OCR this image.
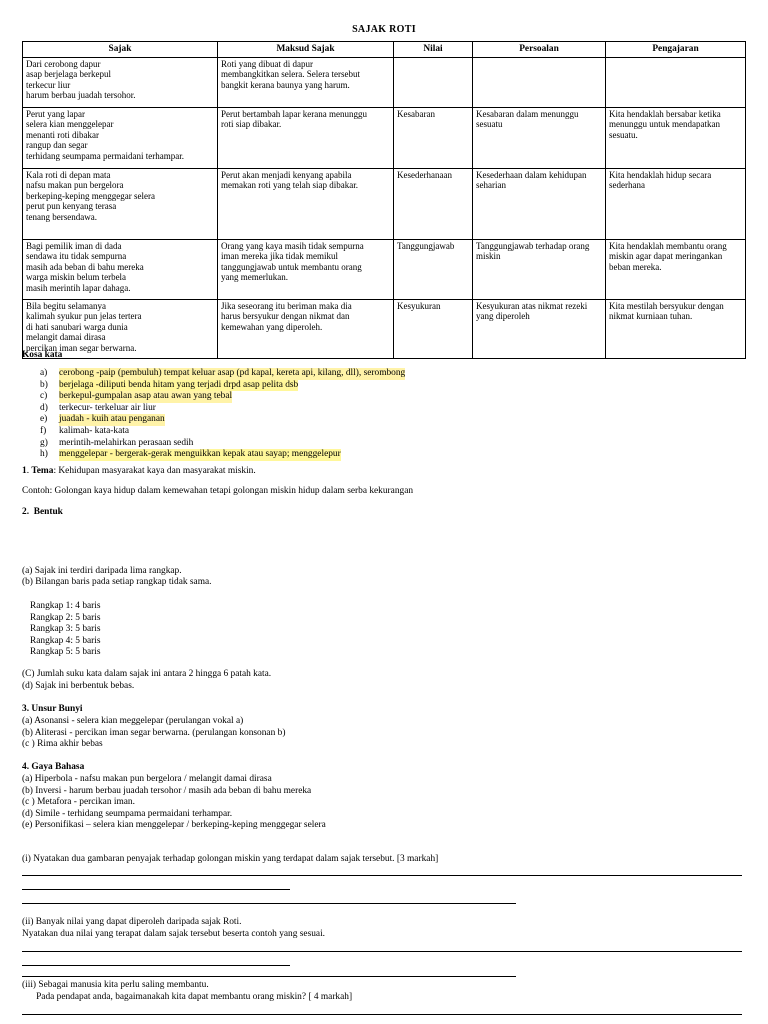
SAJAK ROTI
Sajak	Maksud Sajak	Nilai	Persoalan	Pengajaran
Dari cerobong dapur
asap berjelaga berkepul
terkecur liur
harum berbau juadah tersohor.	Roti yang dibuat di dapur
membangkitkan selera. Selera tersebut
bangkit kerana baunya yang harum.			
Perut yang lapar
selera kian menggelepar
menanti roti dibakar
rangup dan segar
terhidang seumpama permaidani terhampar.	Perut bertambah lapar kerana menunggu
roti siap dibakar.	Kesabaran	Kesabaran dalam menunggu
sesuatu	Kita hendaklah bersabar ketika
menunggu untuk mendapatkan
sesuatu.
Kala roti di depan mata
nafsu makan pun bergelora
berkeping-keping menggegar selera
perut pun kenyang terasa
tenang bersendawa.	Perut akan menjadi kenyang apabila
memakan roti yang telah siap dibakar.	Kesederhanaan	Kesederhaan dalam kehidupan
seharian	Kita hendaklah hidup secara
sederhana
Bagi pemilik iman di dada
sendawa itu tidak sempurna
masih ada beban di bahu mereka
warga miskin belum terbela
masih merintih lapar dahaga.	Orang yang kaya masih tidak sempurna
iman mereka jika tidak memikul
tanggungjawab untuk membantu orang
yang memerlukan.	Tanggungjawab	Tanggungjawab terhadap orang
miskin	Kita hendaklah membantu orang
miskin agar dapat meringankan
beban mereka.
Bila begitu selamanya
kalimah syukur pun jelas tertera
di hati sanubari warga dunia
melangit damai dirasa
percikan iman segar berwarna.	Jika seseorang itu beriman maka dia
harus bersyukur dengan nikmat dan
kemewahan yang diperoleh.	Kesyukuran	Kesyukuran atas nikmat rezeki
yang diperoleh	Kita mestilah bersyukur dengan
nikmat kurniaan tuhan.
Kosa kata
a)	cerobong -paip (pembuluh) tempat keluar asap (pd kapal, kereta api, kilang, dll), serombong
b)	berjelaga -diliputi benda hitam yang terjadi drpd asap pelita dsb
c)	berkepul-gumpalan asap atau awan yang tebal
d)	terkecur- terkeluar air liur
e)	juadah - kuih atau penganan
f)	kalimah- kata-kata
g)	merintih-melahirkan perasaan sedih
h)	menggelepar - bergerak-gerak menguikkan kepak atau sayap; menggelepur
1. Tema: Kehidupan masyarakat kaya dan masyarakat miskin.
Contoh: Golongan kaya hidup dalam kemewahan tetapi golongan miskin hidup dalam serba kekurangan
2. Bentuk
(a) Sajak ini terdiri daripada lima rangkap.
(b) Bilangan baris pada setiap rangkap tidak sama.
Rangkap 1: 4 baris
Rangkap 2: 5 baris
Rangkap 3: 5 baris
Rangkap 4: 5 baris
Rangkap 5: 5 baris
(C) Jumlah suku kata dalam sajak ini antara 2 hingga 6 patah kata.
(d) Sajak ini berbentuk bebas.
3. Unsur Bunyi
(a) Asonansi - selera kian meggelepar (perulangan vokal a)
(b) Aliterasi - percikan iman segar berwarna. (perulangan konsonan b)
(c ) Rima akhir bebas
4. Gaya Bahasa
(a) Hiperbola - nafsu makan pun bergelora / melangit damai dirasa
(b) Inversi - harum berbau juadah tersohor / masih ada beban di bahu mereka
(c ) Metafora - percikan iman.
(d) Simile - terhidang seumpama permaidani terhampar.
(e) Personifikasi – selera kian menggelepar / berkeping-keping menggegar selera
(i) Nyatakan dua gambaran penyajak terhadap golongan miskin yang terdapat dalam sajak tersebut. [3 markah]
(ii) Banyak nilai yang dapat diperoleh daripada sajak Roti.
Nyatakan dua nilai yang terapat dalam sajak tersebut beserta contoh yang sesuai.
(iii) Sebagai manusia kita perlu saling membantu.
Pada pendapat anda, bagaimanakah kita dapat membantu orang miskin? [ 4 markah]
